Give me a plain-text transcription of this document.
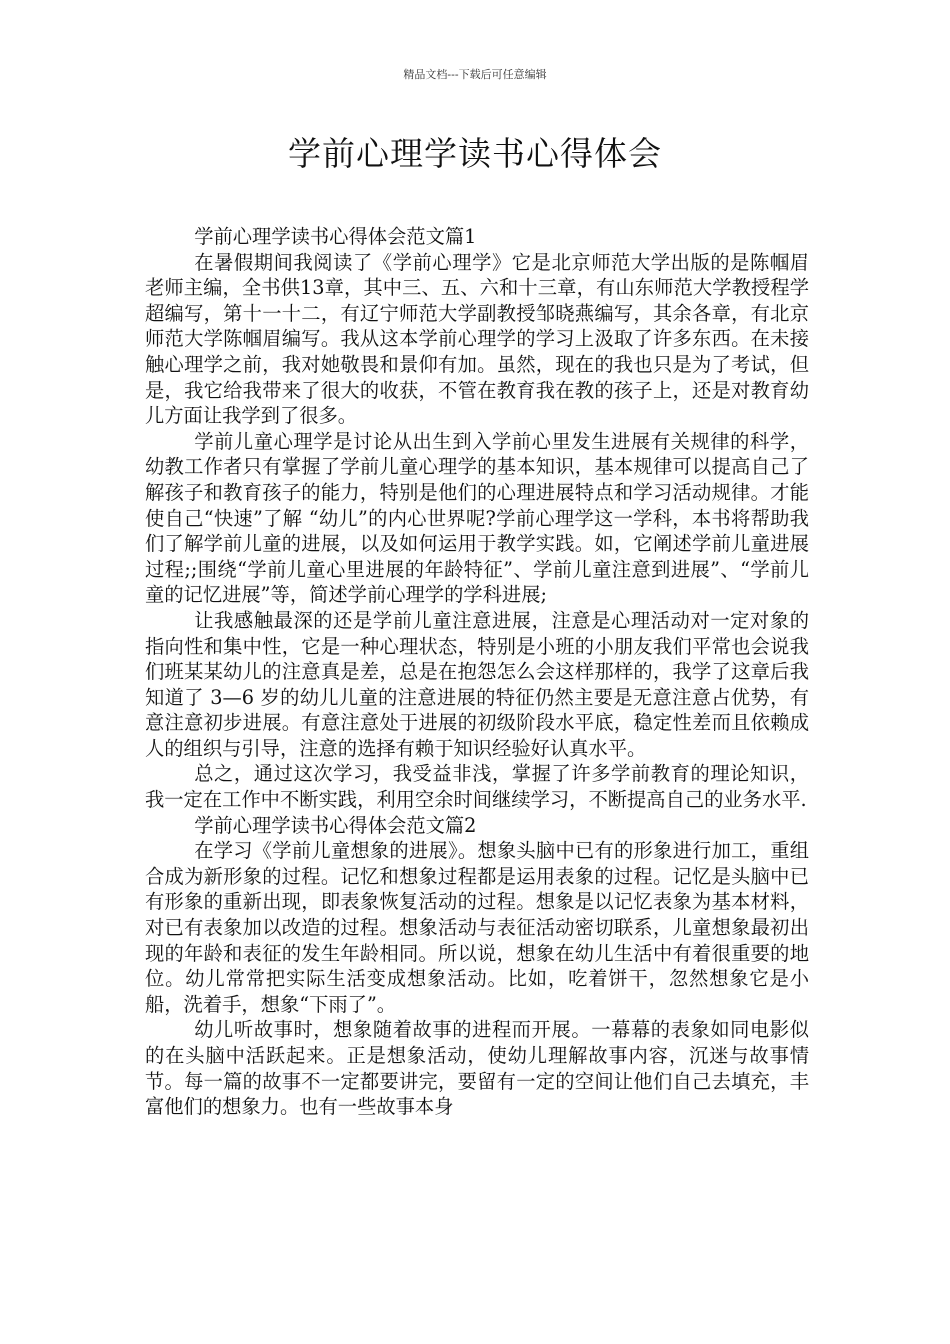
精品文档---下载后可任意编辑
学前心理学读书心得体会

学前心理学读书心得体会范文篇1

在暑假期间我阅读了《学前心理学》它是北京师范大学出版的是陈帼眉老师主编，全书供13章，其中三、五、六和十三章，有山东师范大学教授程学超编写，第十一十二，有辽宁师范大学副教授邹晓燕编写，其余各章，有北京师范大学陈帼眉编写。我从这本学前心理学的学习上汲取了许多东西。在未接触心理学之前，我对她敬畏和景仰有加。虽然，现在的我也只是为了考试，但是，我它给我带来了很大的收获，不管在教育我在教的孩子上，还是对教育幼儿方面让我学到了很多。

学前儿童心理学是讨论从出生到入学前心里发生进展有关规律的科学，幼教工作者只有掌握了学前儿童心理学的基本知识，基本规律可以提高自己了解孩子和教育孩子的能力，特别是他们的心理进展特点和学习活动规律。才能使自己“快速”了解 “幼儿”的内心世界呢?学前心理学这一学科，本书将帮助我们了解学前儿童的进展，以及如何运用于教学实践。如，它阐述学前儿童进展过程;;围绕“学前儿童心里进展的年龄特征”、学前儿童注意到进展”、“学前儿童的记忆进展”等，简述学前心理学的学科进展;

让我感触最深的还是学前儿童注意进展，注意是心理活动对一定对象的指向性和集中性，它是一种心理状态，特别是小班的小朋友我们平常也会说我们班某某幼儿的注意真是差，总是在抱怨怎么会这样那样的，我学了这章后我知道了 3—6 岁的幼儿儿童的注意进展的特征仍然主要是无意注意占优势，有意注意初步进展。有意注意处于进展的初级阶段水平底，稳定性差而且依赖成人的组织与引导，注意的选择有赖于知识经验好认真水平。

总之，通过这次学习，我受益非浅，掌握了许多学前教育的理论知识，我一定在工作中不断实践，利用空余时间继续学习，不断提高自己的业务水平.

学前心理学读书心得体会范文篇2

在学习《学前儿童想象的进展》。想象头脑中已有的形象进行加工，重组合成为新形象的过程。记忆和想象过程都是运用表象的过程。记忆是头脑中已有形象的重新出现，即表象恢复活动的过程。想象是以记忆表象为基本材料，对已有表象加以改造的过程。想象活动与表征活动密切联系，儿童想象最初出现的年龄和表征的发生年龄相同。所以说，想象在幼儿生活中有着很重要的地位。幼儿常常把实际生活变成想象活动。比如，吃着饼干，忽然想象它是小船，洗着手，想象“下雨了”。

幼儿听故事时，想象随着故事的进程而开展。一幕幕的表象如同电影似的在头脑中活跃起来。正是想象活动，使幼儿理解故事内容，沉迷与故事情节。每一篇的故事不一定都要讲完，要留有一定的空间让他们自己去填充，丰富他们的想象力。也有一些故事本身
